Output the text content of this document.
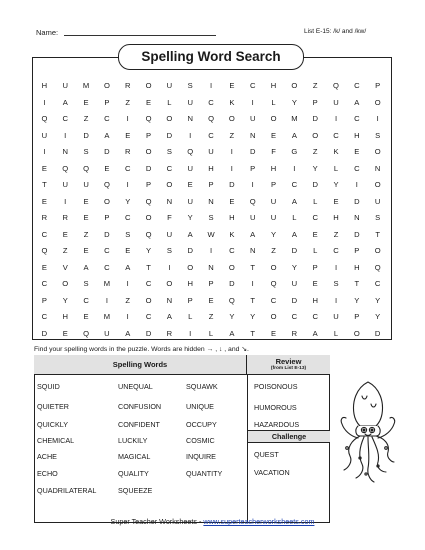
Name:	List E-15: /k/ and /kw/
Spelling Word Search
H	U	M	O	R	O	U	S	I	E	C	H	O	Z	Q	C	P
I	A	E	P	Z	E	L	U	C	K	I	L	Y	P	U	A	O
Q	C	Z	C	I	Q	O	N	Q	O	U	O	M	D	I	C	I
U	I	D	A	E	P	D	I	C	Z	N	E	A	O	C	H	S
I	N	S	D	R	O	S	Q	U	I	D	F	G	Z	K	E	O
E	Q	Q	E	C	D	C	U	H	I	P	H	I	Y	L	C	N
T	U	U	Q	I	P	O	E	P	D	I	P	C	D	Y	I	O
E	I	E	O	Y	Q	N	U	N	E	Q	U	A	L	E	D	U
R	R	E	P	C	O	F	Y	S	H	U	U	L	C	H	N	S
C	E	Z	D	S	Q	U	A	W	K	A	Y	A	E	Z	D	T
Q	Z	E	C	E	Y	S	D	I	C	N	Z	D	L	C	P	O
E	V	A	C	A	T	I	O	N	O	T	O	Y	P	I	H	Q
C	O	S	M	I	C	O	H	P	D	I	Q	U	E	S	T	C
P	Y	C	I	Z	O	N	P	E	Q	T	C	D	H	I	Y	Y
C	H	E	M	I	C	A	L	Z	Y	Y	O	C	C	U	P	Y
D	E	Q	U	A	D	R	I	L	A	T	E	R	A	L	O	D
Find your spelling words in the puzzle. Words are hidden → , ↓ , and ↘.
Spelling Words	Review
(from List E-13)
SQUID	UNEQUAL	SQUAWK
QUIETER	CONFUSION	UNIQUE
QUICKLY	CONFIDENT	OCCUPY
CHEMICAL	LUCKILY	COSMIC
ACHE	MAGICAL	INQUIRE
ECHO	QUALITY	QUANTITY
QUADRILATERAL	SQUEEZE
POISONOUS
HUMOROUS
HAZARDOUS
Challenge
QUEST
VACATION
Super Teacher Worksheets - www.superteacherworksheets.com
